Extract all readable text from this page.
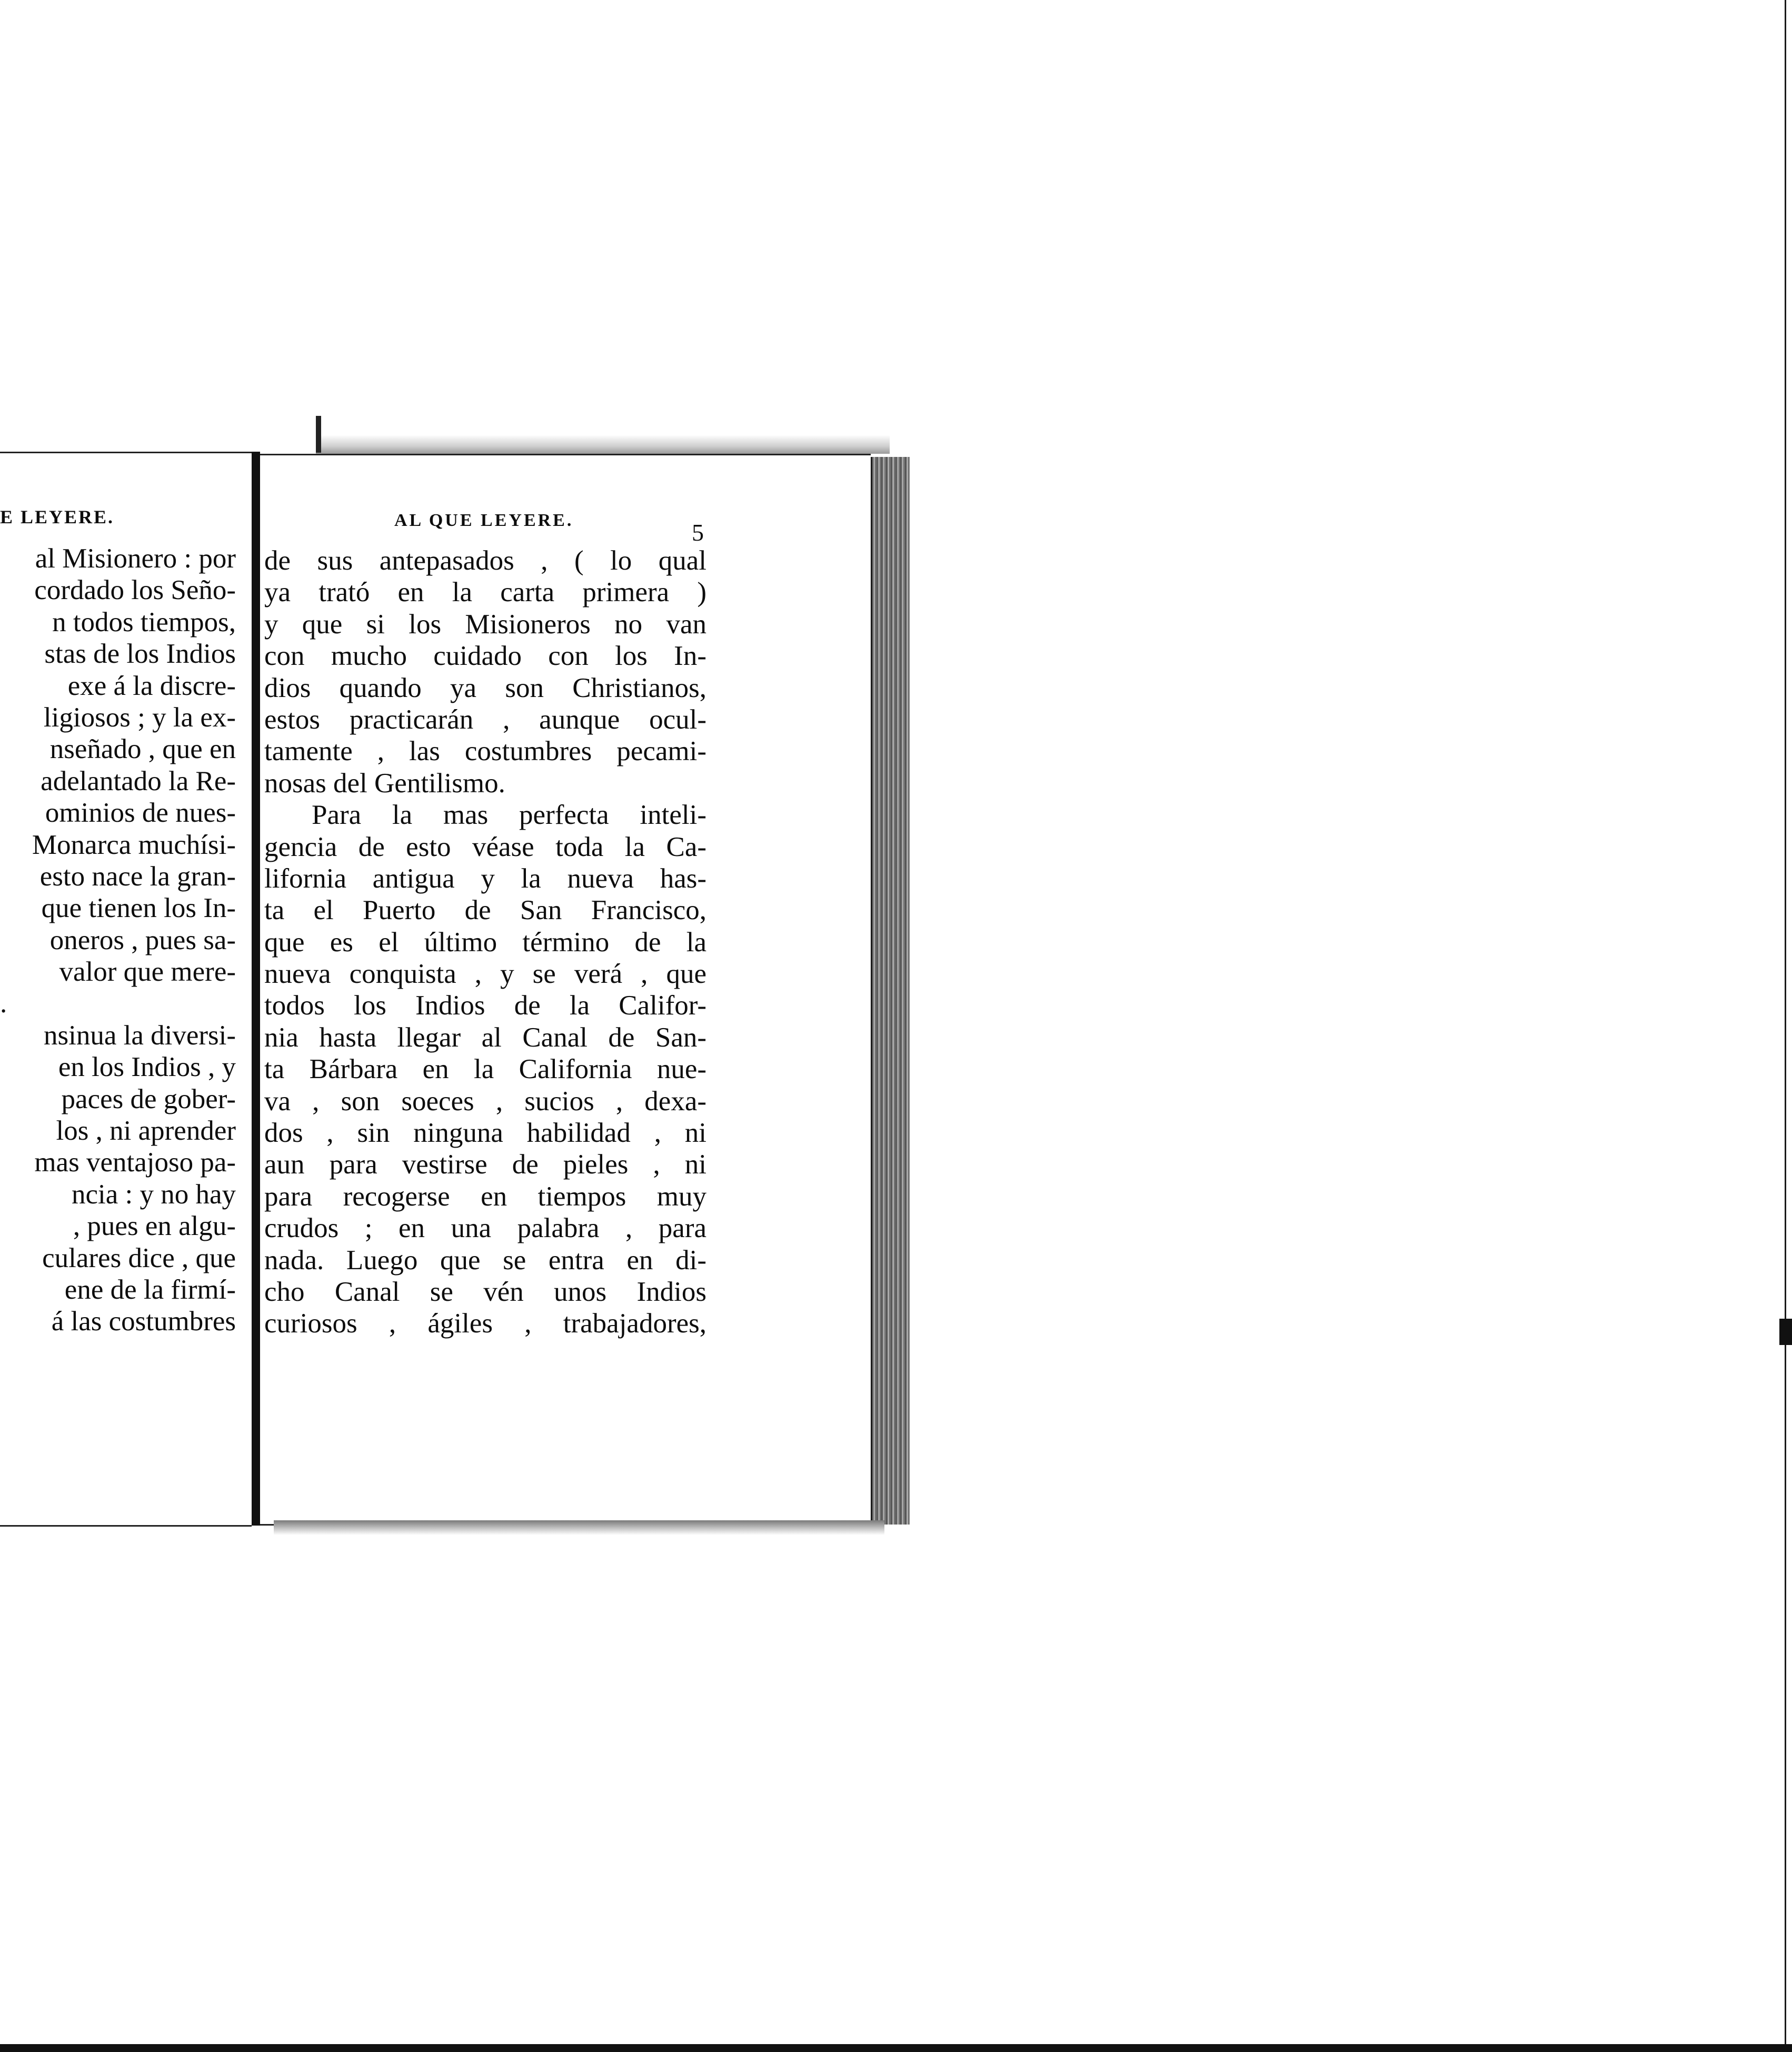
E LEYERE.
al Misionero : por
cordado los Seño-
n todos tiempos,
stas de los Indios
exe á la discre-
ligiosos ; y la ex-
nseñado , que en
adelantado la Re-
ominios de nues-
Monarca muchísi-
esto nace la gran-
que tienen los In-
oneros , pues sa-
valor que mere-
.
nsinua la diversi-
en los Indios , y
paces de gober-
los , ni aprender
mas ventajoso pa-
ncia : y no hay
, pues en algu-
culares dice , que
ene de la firmí-
á las costumbres
AL QUE LEYERE.	5
de sus antepasados , ( lo qual
ya trató en la carta primera )
y que si los Misioneros no van
con mucho cuidado con los In-
dios quando ya son Christianos,
estos practicarán , aunque ocul-
tamente , las costumbres pecami-
nosas del Gentilismo.
Para la mas perfecta inteli-
gencia de esto véase toda la Ca-
lifornia antigua y la nueva has-
ta el Puerto de San Francisco,
que es el último término de la
nueva conquista , y se verá , que
todos los Indios de la Califor-
nia hasta llegar al Canal de San-
ta Bárbara en la California nue-
va , son soeces , sucios , dexa-
dos , sin ninguna habilidad , ni
aun para vestirse de pieles , ni
para recogerse en tiempos muy
crudos ; en una palabra , para
nada. Luego que se entra en di-
cho Canal se vén unos Indios
curiosos , ágiles , trabajadores,
